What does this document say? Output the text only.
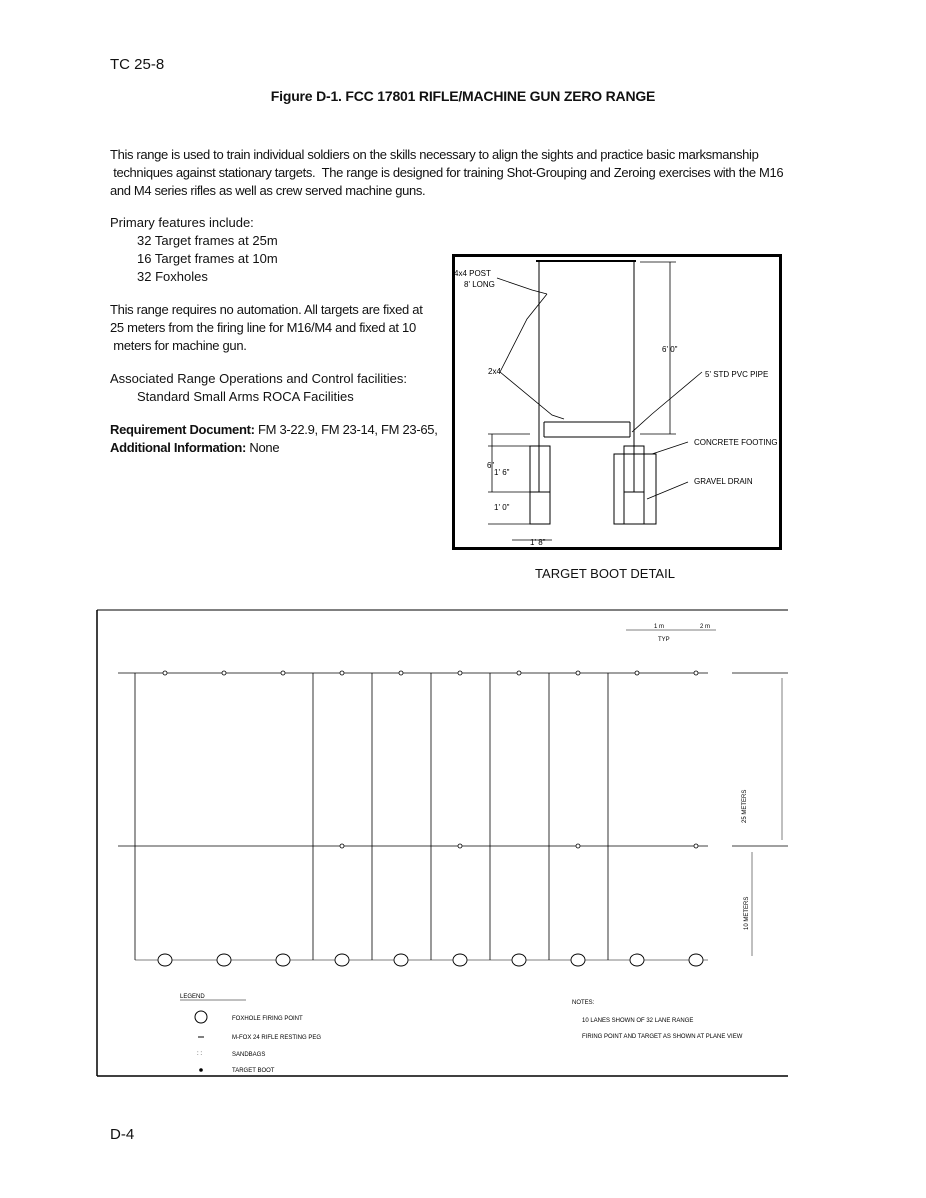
TC 25-8
Figure D-1. FCC 17801 RIFLE/MACHINE GUN ZERO RANGE
This range is used to train individual soldiers on the skills necessary to align the sights and practice basic marksmanship
techniques against stationary targets.  The range is designed for training Shot-Grouping and Zeroing exercises with the M16
and M4 series rifles as well as crew served machine guns.
Primary features include:
32 Target frames at 25m
16 Target frames at 10m
32 Foxholes
This range requires no automation. All targets are fixed at
25 meters from the firing line for M16/M4 and fixed at 10
meters for machine gun.
Associated Range Operations and Control facilities:
Standard Small Arms ROCA Facilities
Requirement Document: FM 3-22.9, FM 23-14, FM 23-65,
Additional Information: None
6' 0"
4x4 POST
8' LONG
2x4	5' STD PVC PIPE
CONCRETE FOOTING
GRAVEL DRAIN
6"
1' 6"
1' 0"
1' 8"
TARGET BOOT DETAIL
1 m	2 m
TYP
25 METERS
10 METERS
LEGEND
FOXHOLE FIRING POINT
M-FOX 24 RIFLE RESTING PEG
: :	SANDBAGS
TARGET BOOT
NOTES:
10 LANES SHOWN OF 32 LANE RANGE
FIRING POINT AND TARGET AS SHOWN AT PLANE VIEW
D-4
